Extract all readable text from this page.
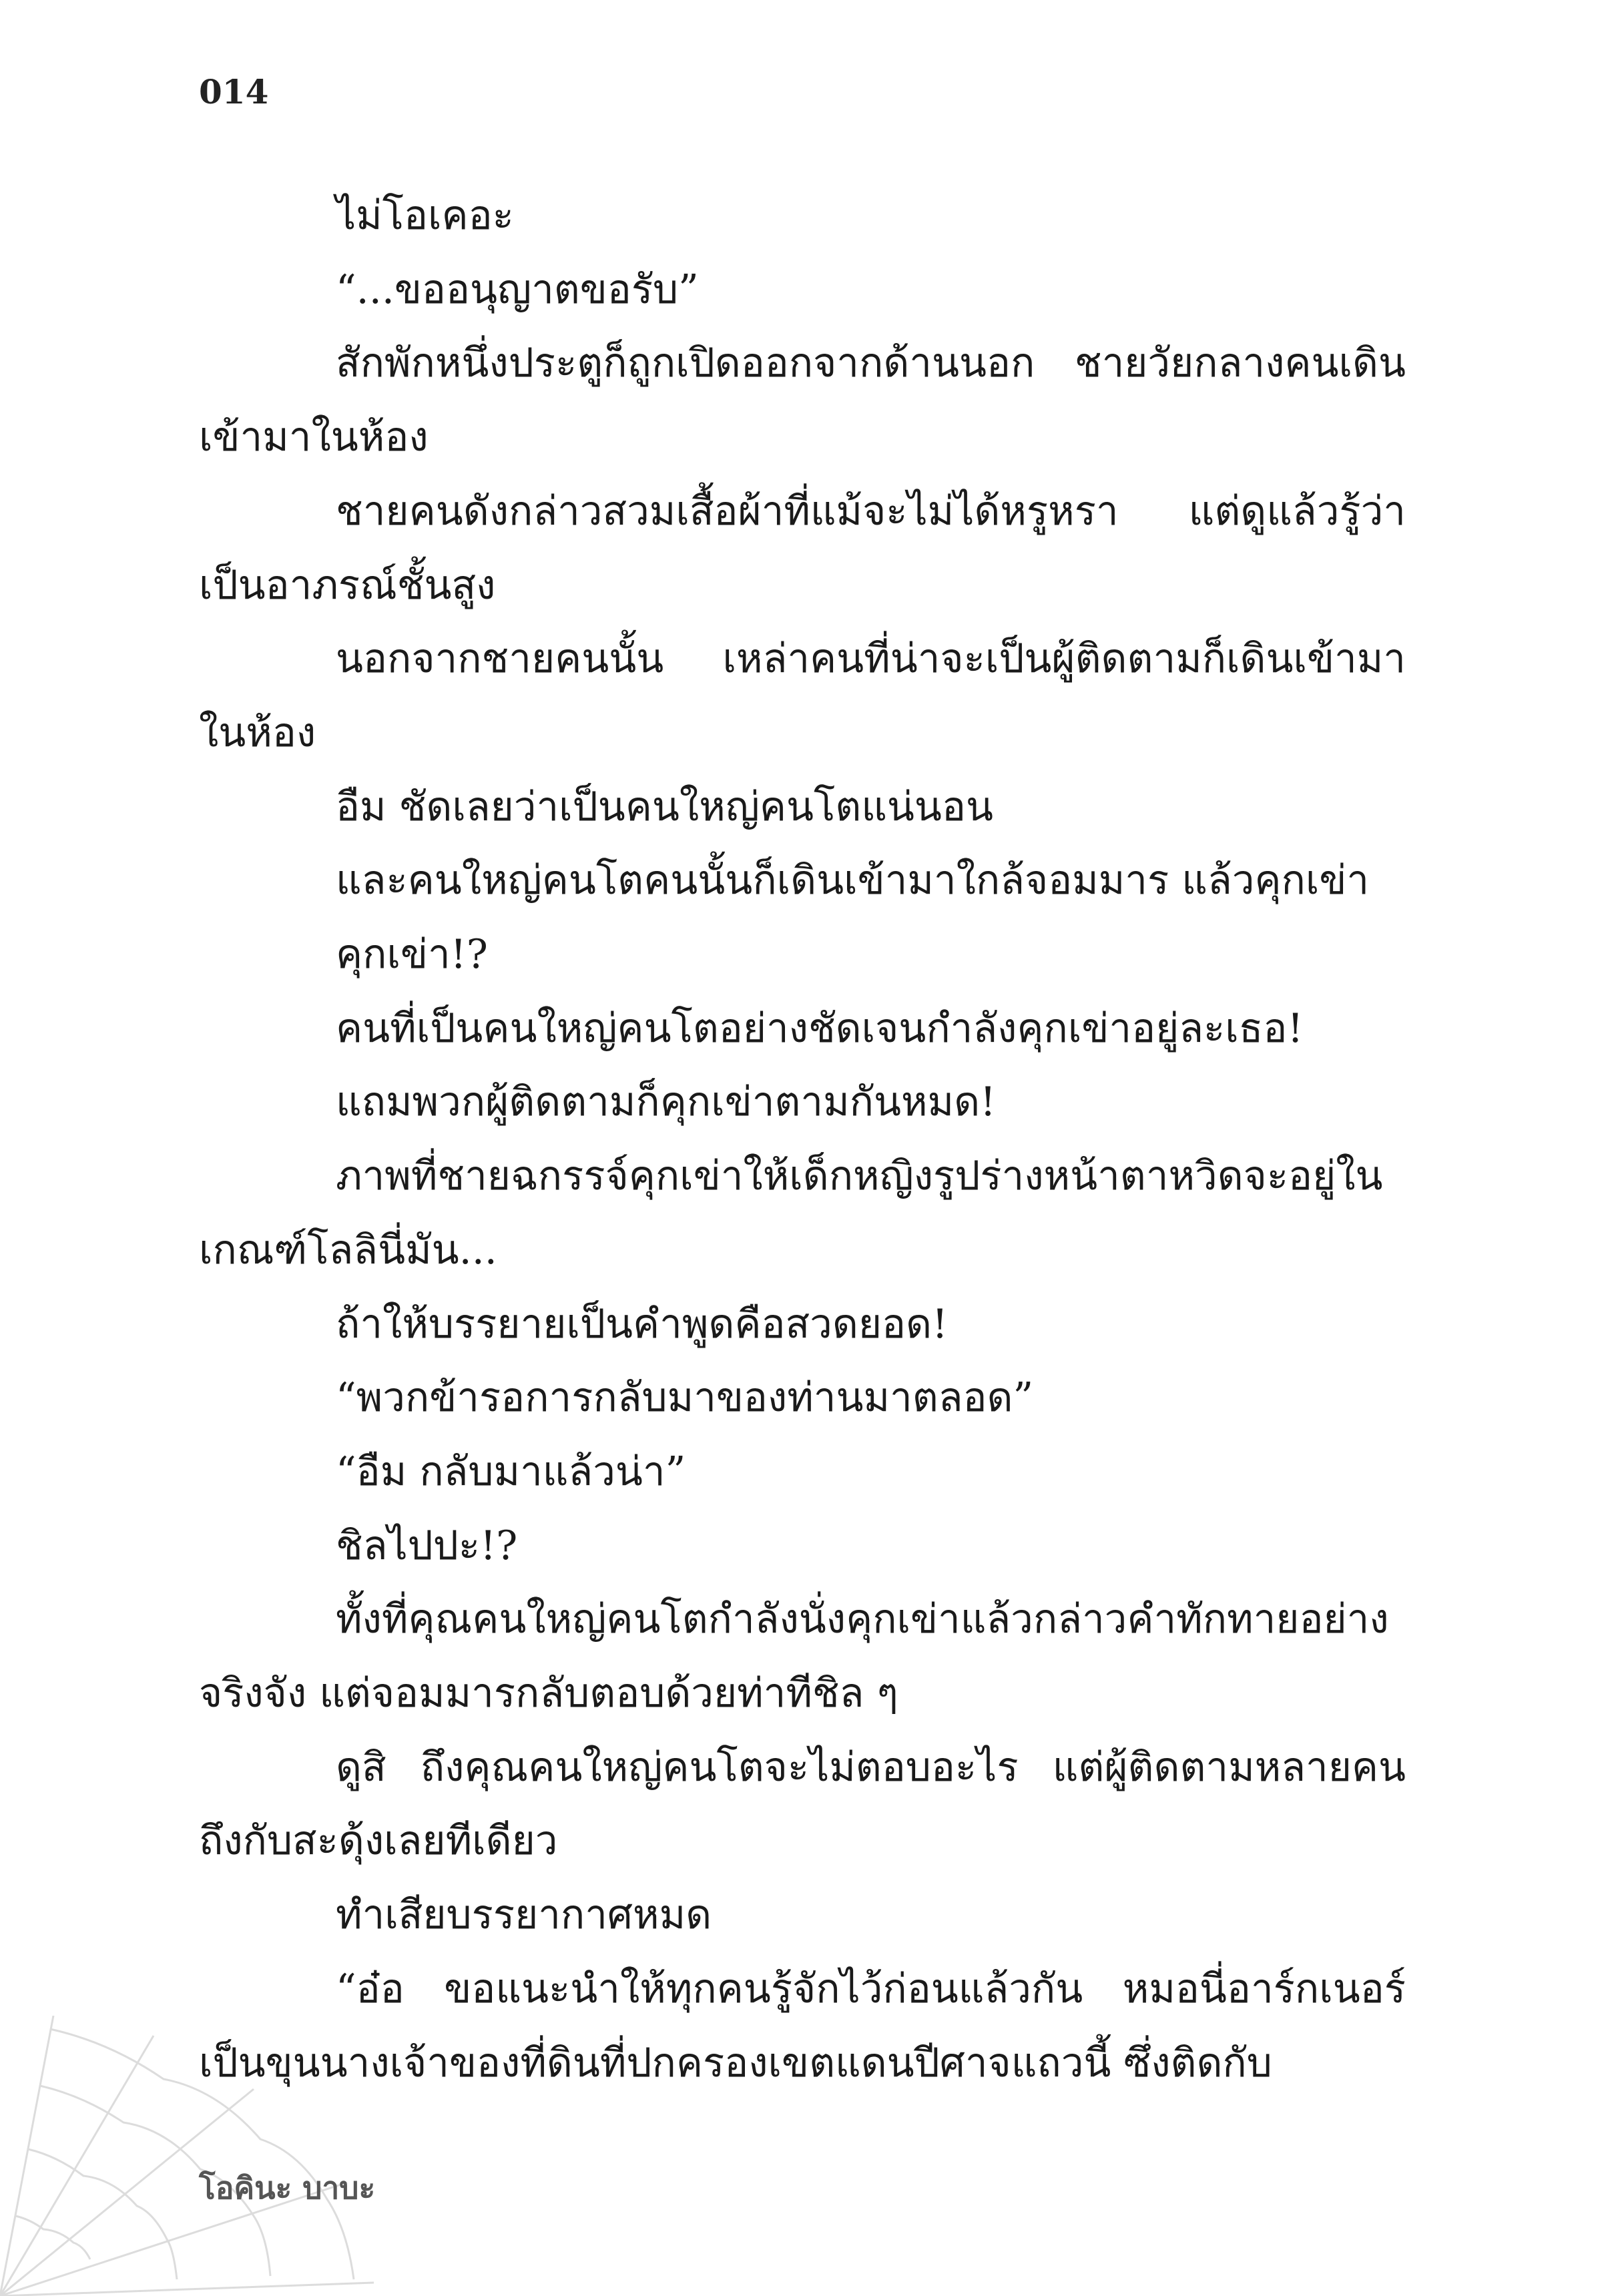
014

ไม่โอเคอะ

“...ขออนุญาตขอรับ”

สักพักหนึ่งประตูก็ถูกเปิดออกจากด้านนอก ชายวัยกลางคนเดินเข้ามาในห้อง

ชายคนดังกล่าวสวมเสื้อผ้าที่แม้จะไม่ได้หรูหรา แต่ดูแล้วรู้ว่าเป็นอาภรณ์ชั้นสูง

นอกจากชายคนนั้น เหล่าคนที่น่าจะเป็นผู้ติดตามก็เดินเข้ามาในห้อง

อืม ชัดเลยว่าเป็นคนใหญ่คนโตแน่นอน

และคนใหญ่คนโตคนนั้นก็เดินเข้ามาใกล้จอมมาร แล้วคุกเข่า

คุกเข่า!?

คนที่เป็นคนใหญ่คนโตอย่างชัดเจนกำลังคุกเข่าอยู่ละเธอ!

แถมพวกผู้ติดตามก็คุกเข่าตามกันหมด!

ภาพที่ชายฉกรรจ์คุกเข่าให้เด็กหญิงรูปร่างหน้าตาหวิดจะอยู่ในเกณฑ์โลลินี่มัน...

ถ้าให้บรรยายเป็นคำพูดคือสวดยอด!

“พวกข้ารอการกลับมาของท่านมาตลอด”

“อืม กลับมาแล้วน่า”

ชิลไปปะ!?

ทั้งที่คุณคนใหญ่คนโตกำลังนั่งคุกเข่าแล้วกล่าวคำทักทายอย่างจริงจัง แต่จอมมารกลับตอบด้วยท่าทีชิล ๆ

ดูสิ ถึงคุณคนใหญ่คนโตจะไม่ตอบอะไร แต่ผู้ติดตามหลายคนถึงกับสะดุ้งเลยทีเดียว

ทำเสียบรรยากาศหมด

“อ๋อ ขอแนะนำให้ทุกคนรู้จักไว้ก่อนแล้วกัน หมอนี่อาร์กเนอร์เป็นขุนนางเจ้าของที่ดินที่ปกครองเขตแดนปีศาจแถวนี้ ซึ่งติดกับ

โอคินะ บาบะ
